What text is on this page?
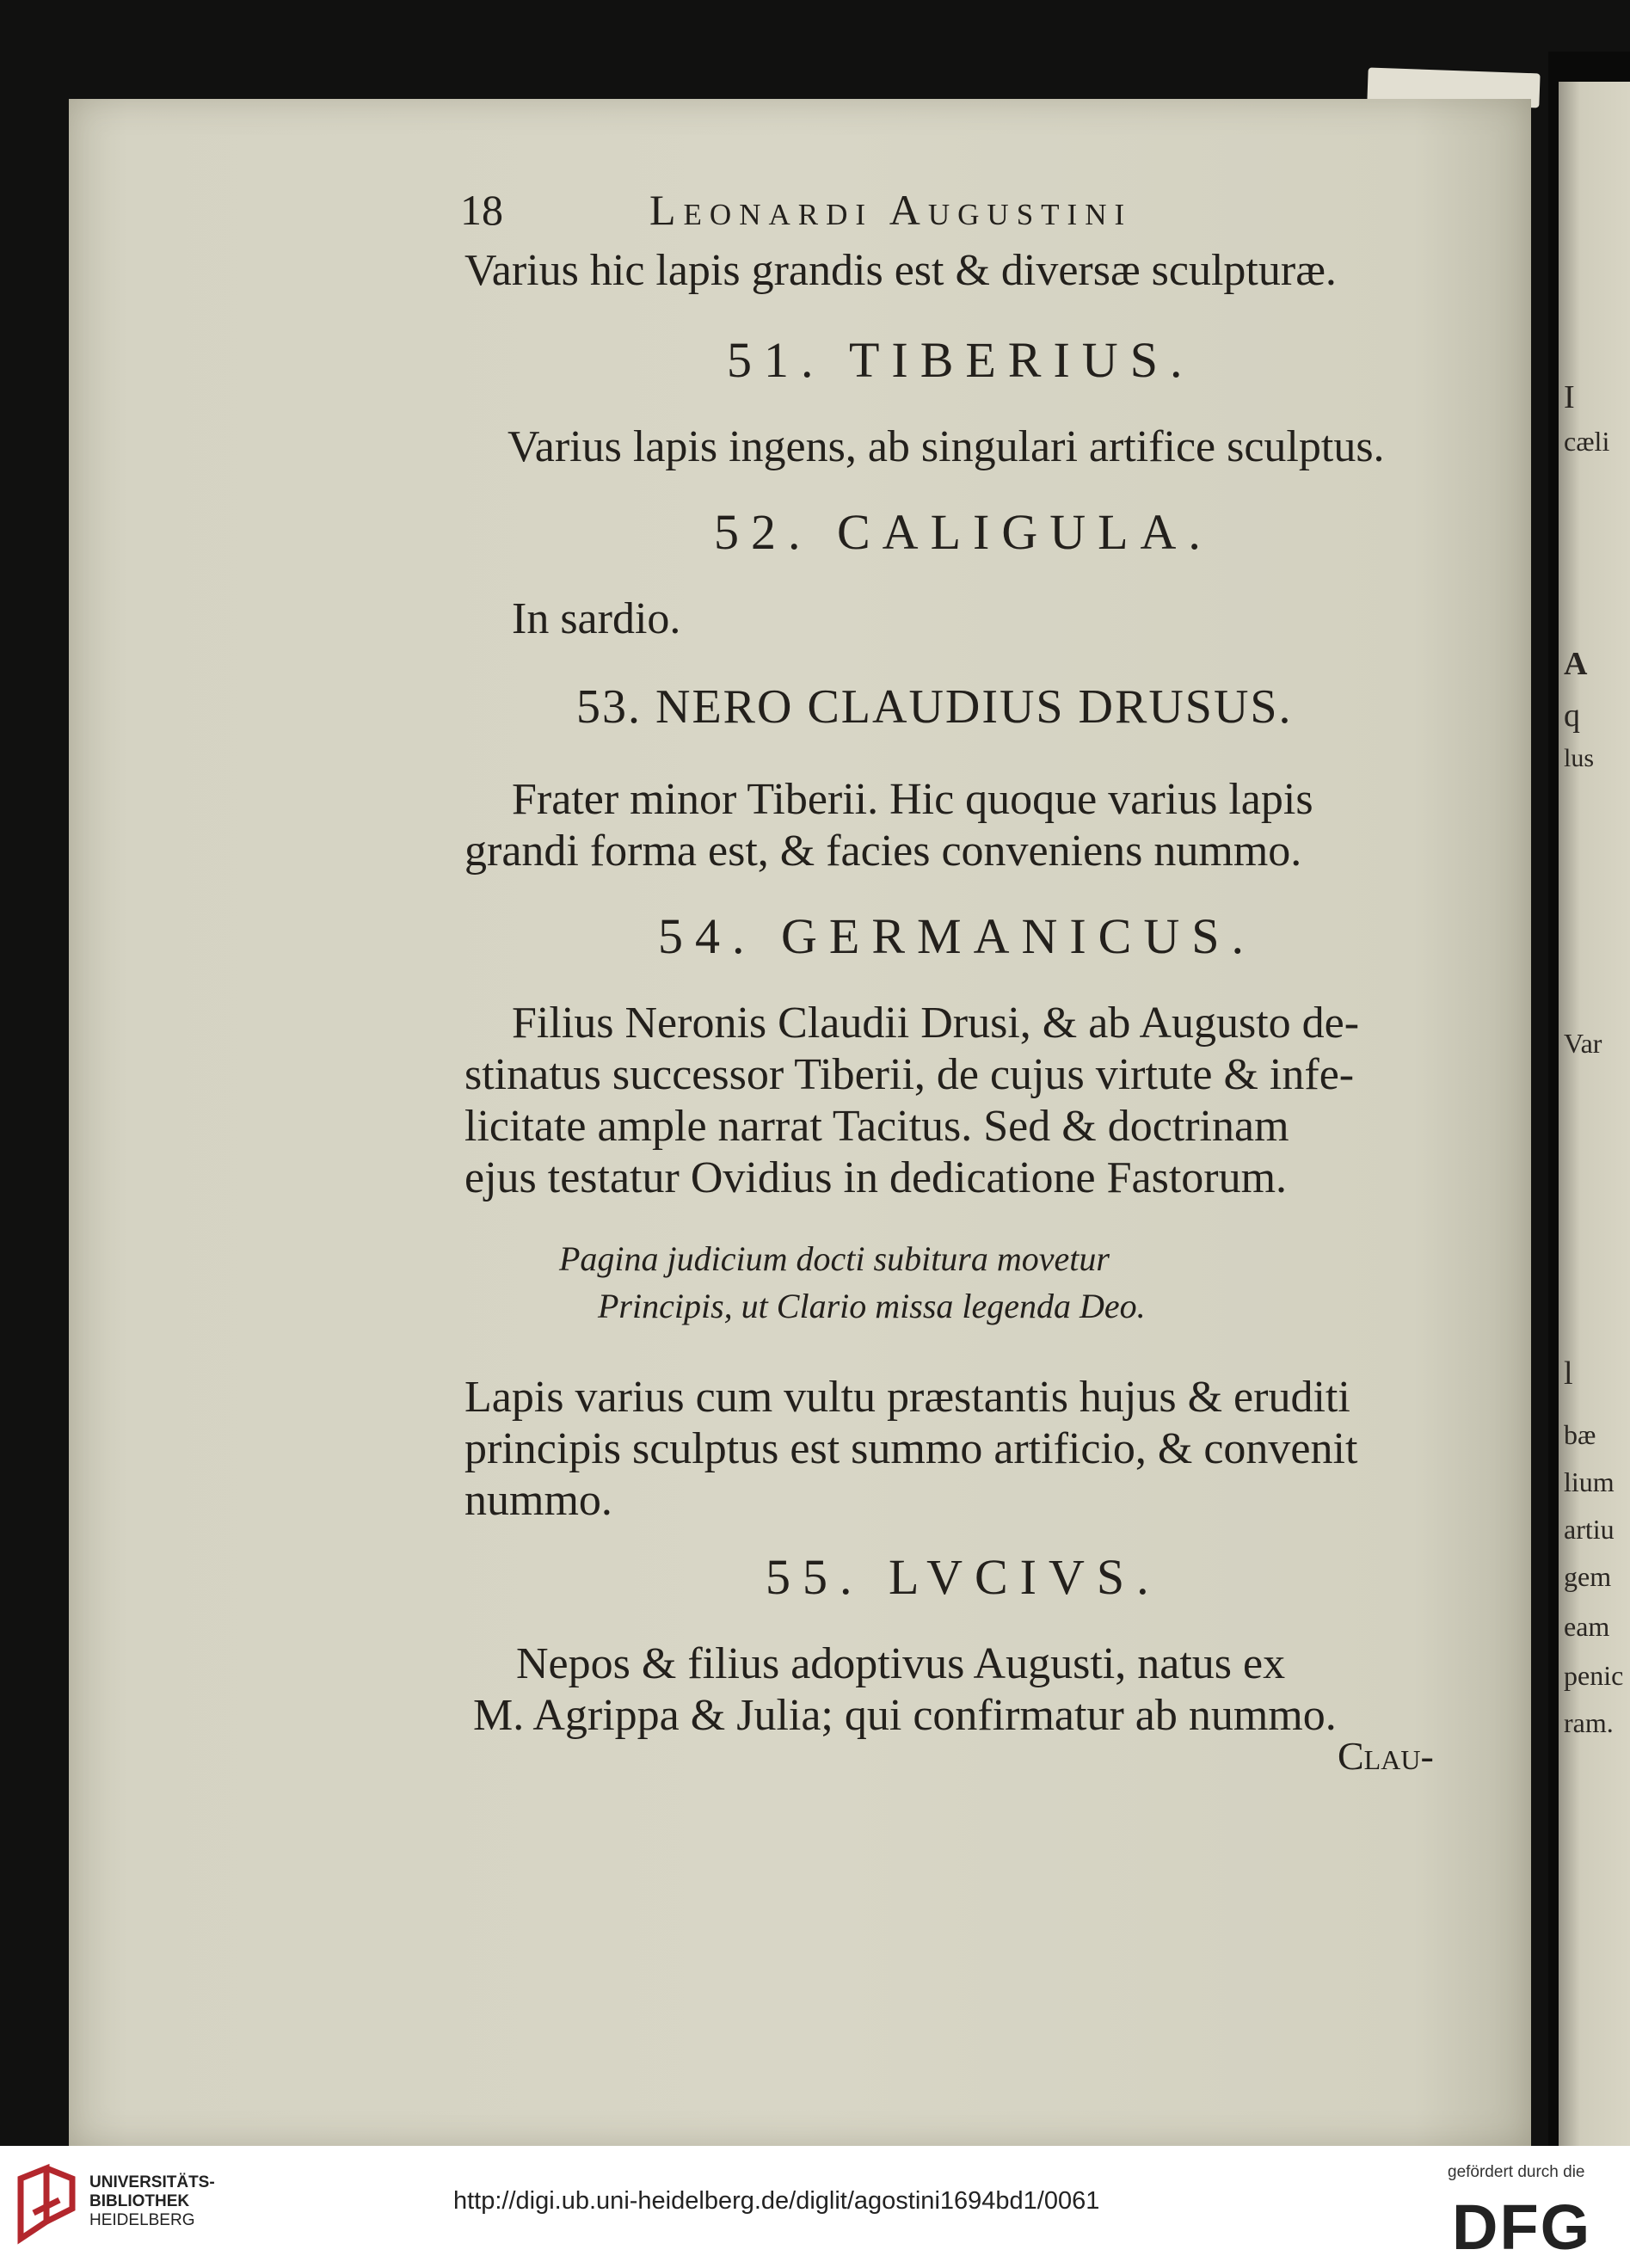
I
cæli
A
q
lus
Var
l
bæ
lium
artiu
gem
eam
penic
ram.
18	Leonardi Augustini
Varius hic lapis grandis est & diversæ sculpturæ.
51. TIBERIUS.
Varius lapis ingens, ab singulari artifice sculptus.
52. CALIGULA.
In sardio.
53. NERO CLAUDIUS DRUSUS.
Frater minor Tiberii. Hic quoque varius lapis
grandi forma est, & facies conveniens nummo.
54. GERMANICUS.
Filius Neronis Claudii Drusi, & ab Augusto de-
stinatus successor Tiberii, de cujus virtute & infe-
licitate ample narrat Tacitus. Sed & doctrinam
ejus testatur Ovidius in dedicatione Fastorum.
Pagina judicium docti subitura movetur
Principis, ut Clario missa legenda Deo.
Lapis varius cum vultu præstantis hujus & eruditi
principis sculptus est summo artificio, & convenit
nummo.
55. LVCIVS.
Nepos & filius adoptivus Augusti, natus ex
M. Agrippa & Julia; qui confirmatur ab nummo.
Clau-
UNIVERSITÄTS-
BIBLIOTHEK
HEIDELBERG
http://digi.ub.uni-heidelberg.de/diglit/agostini1694bd1/0061
gefördert durch die
DFG
